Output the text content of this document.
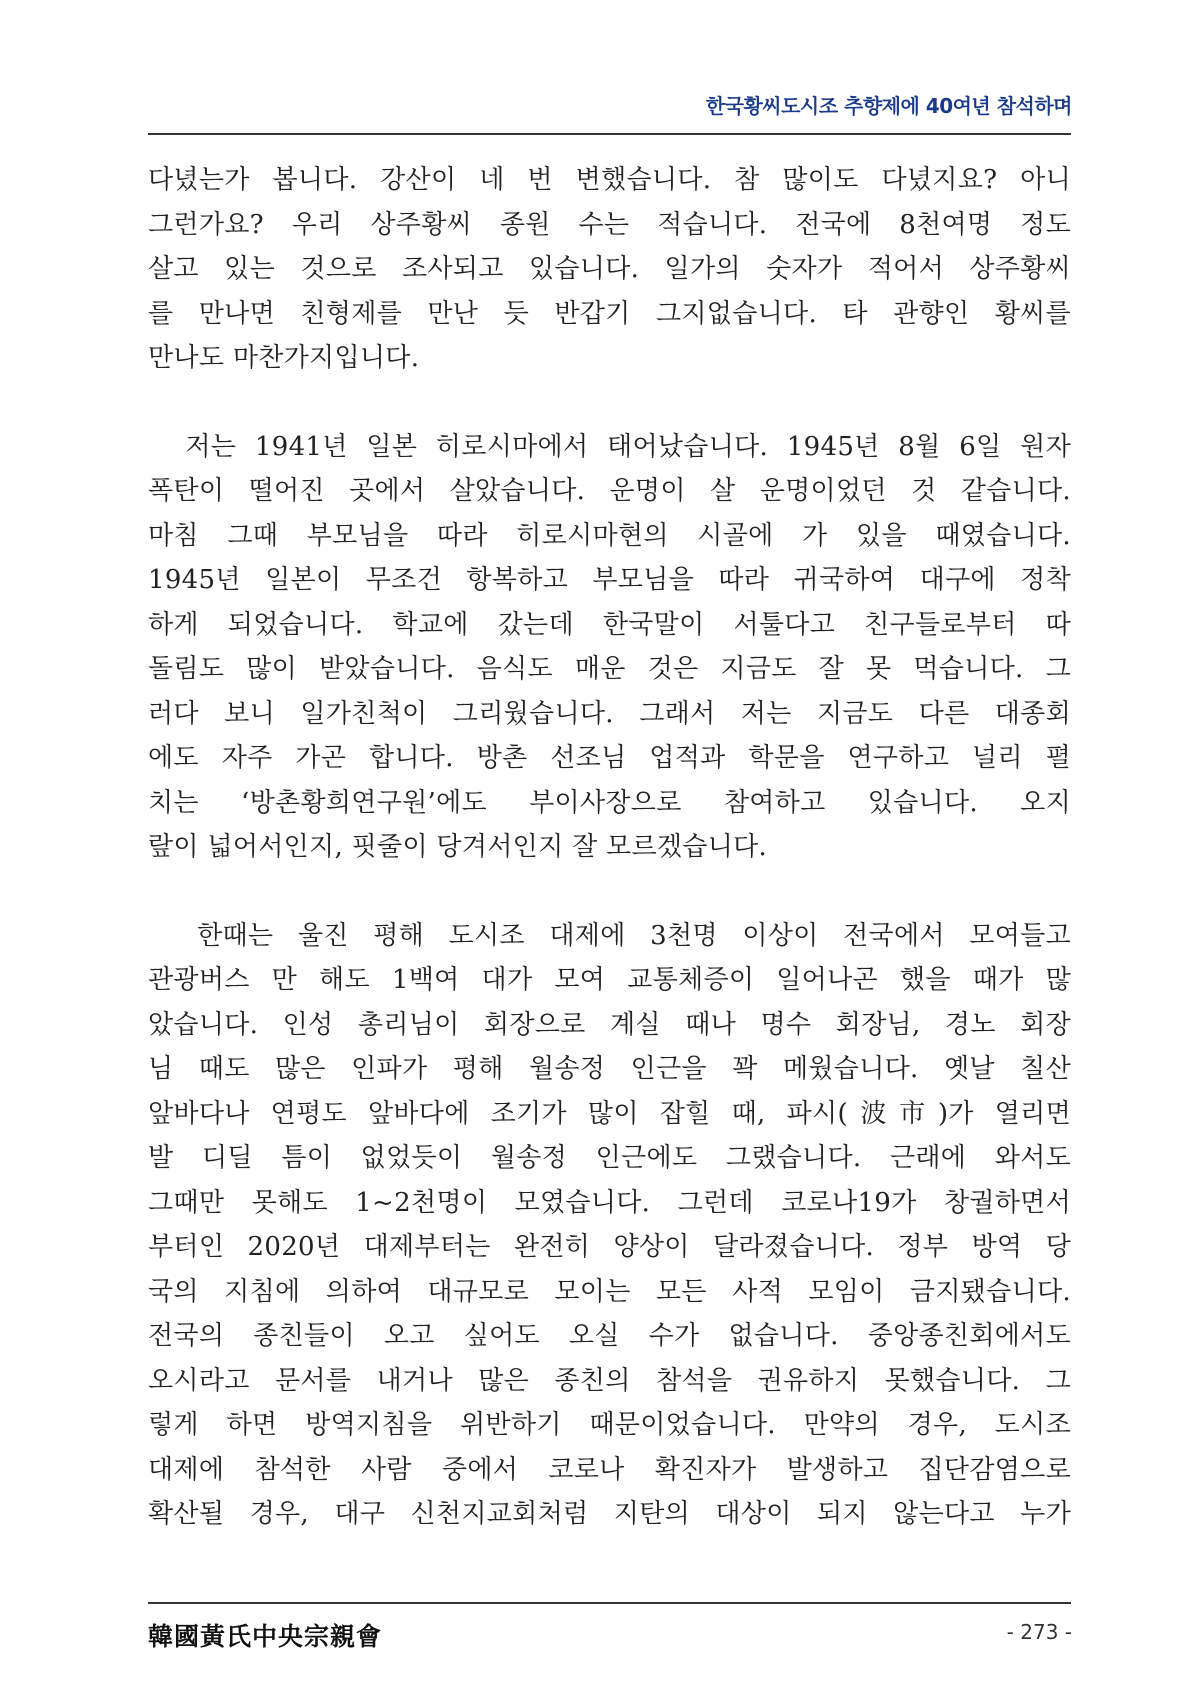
한국황씨도시조 추향제에 40여년 참석하며
다녔는가 봅니다. 강산이 네 번 변했습니다. 참 많이도 다녔지요? 아니
그런가요? 우리 상주황씨 종원 수는 적습니다. 전국에 8천여명 정도
살고 있는 것으로 조사되고 있습니다. 일가의 숫자가 적어서 상주황씨
를 만나면 친형제를 만난 듯 반갑기 그지없습니다. 타 관향인 황씨를
만나도 마찬가지입니다.
저는 1941년 일본 히로시마에서 태어났습니다. 1945년 8월 6일 원자
폭탄이 떨어진 곳에서 살았습니다. 운명이 살 운명이었던 것 같습니다.
마침 그때 부모님을 따라 히로시마현의 시골에 가 있을 때였습니다.
1945년 일본이 무조건 항복하고 부모님을 따라 귀국하여 대구에 정착
하게 되었습니다. 학교에 갔는데 한국말이 서툴다고 친구들로부터 따
돌림도 많이 받았습니다. 음식도 매운 것은 지금도 잘 못 먹습니다. 그
러다 보니 일가친척이 그리웠습니다. 그래서 저는 지금도 다른 대종회
에도 자주 가곤 합니다. 방촌 선조님 업적과 학문을 연구하고 널리 펼
치는 ‘방촌황희연구원’에도 부이사장으로 참여하고 있습니다. 오지
랖이 넓어서인지, 핏줄이 당겨서인지 잘 모르겠습니다.
한때는 울진 평해 도시조 대제에 3천명 이상이 전국에서 모여들고
관광버스 만 해도 1백여 대가 모여 교통체증이 일어나곤 했을 때가 많
았습니다. 인성 총리님이 회장으로 계실 때나 명수 회장님, 경노 회장
님 때도 많은 인파가 평해 월송정 인근을 꽉 메웠습니다. 옛날 칠산
앞바다나 연평도 앞바다에 조기가 많이 잡힐 때, 파시(波市)가 열리면
발 디딜 틈이 없었듯이 월송정 인근에도 그랬습니다. 근래에 와서도
그때만 못해도 1~2천명이 모였습니다. 그런데 코로나19가 창궐하면서
부터인 2020년 대제부터는 완전히 양상이 달라졌습니다. 정부 방역 당
국의 지침에 의하여 대규모로 모이는 모든 사적 모임이 금지됐습니다.
전국의 종친들이 오고 싶어도 오실 수가 없습니다. 중앙종친회에서도
오시라고 문서를 내거나 많은 종친의 참석을 권유하지 못했습니다. 그
렇게 하면 방역지침을 위반하기 때문이었습니다. 만약의 경우, 도시조
대제에 참석한 사람 중에서 코로나 확진자가 발생하고 집단감염으로
확산될 경우, 대구 신천지교회처럼 지탄의 대상이 되지 않는다고 누가
韓國黃氏中央宗親會	- 273 -
